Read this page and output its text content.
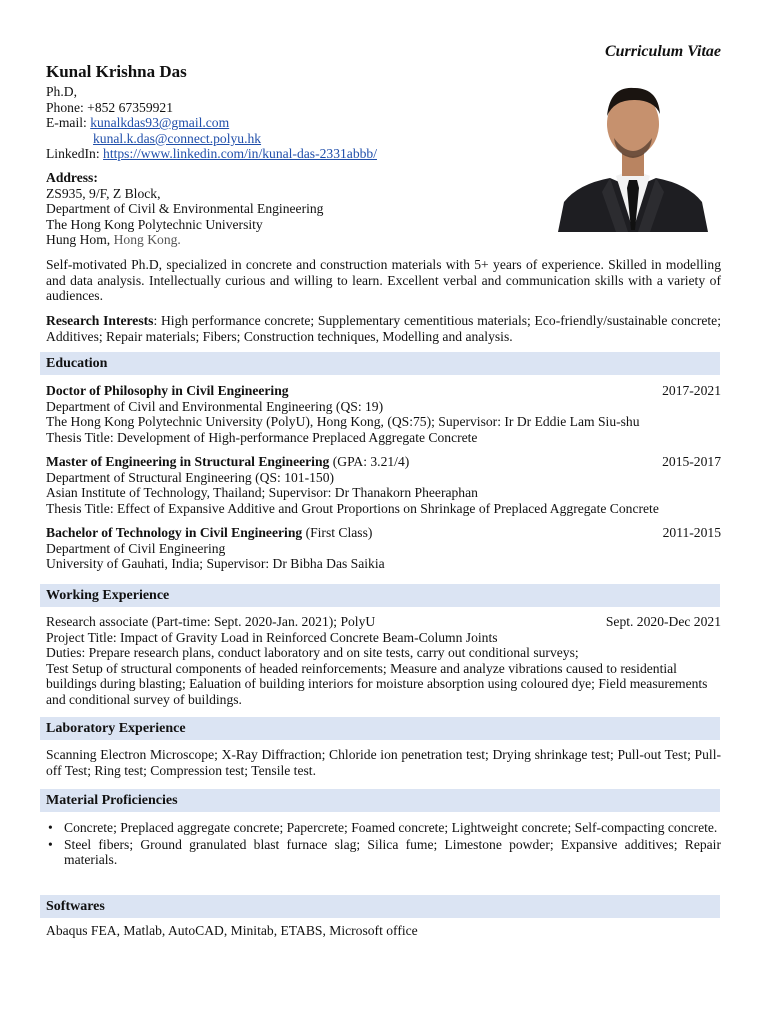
Curriculum Vitae
Kunal Krishna Das
Ph.D,
Phone: +852 67359921
E-mail: kunalkdas93@gmail.com
kunal.k.das@connect.polyu.hk
LinkedIn: https://www.linkedin.com/in/kunal-das-2331abbb/
Address:
ZS935, 9/F, Z Block,
Department of Civil & Environmental Engineering
The Hong Kong Polytechnic University
Hung Hom, Hong Kong.
Self-motivated Ph.D, specialized in concrete and construction materials with 5+ years of experience. Skilled in modelling and data analysis. Intellectually curious and willing to learn. Excellent verbal and communication skills with a variety of audiences.
Research Interests: High performance concrete; Supplementary cementitious materials; Eco-friendly/sustainable concrete; Additives; Repair materials; Fibers; Construction techniques, Modelling and analysis.
Education
Doctor of Philosophy in Civil Engineering	2017-2021
Department of Civil and Environmental Engineering (QS: 19)
The Hong Kong Polytechnic University (PolyU), Hong Kong, (QS:75); Supervisor: Ir Dr Eddie Lam Siu-shu
Thesis Title: Development of High-performance Preplaced Aggregate Concrete
Master of Engineering in Structural Engineering (GPA: 3.21/4)	2015-2017
Department of Structural Engineering (QS: 101-150)
Asian Institute of Technology, Thailand; Supervisor: Dr Thanakorn Pheeraphan
Thesis Title: Effect of Expansive Additive and Grout Proportions on Shrinkage of Preplaced Aggregate Concrete
Bachelor of Technology in Civil Engineering (First Class)	2011-2015
Department of Civil Engineering
University of Gauhati, India; Supervisor: Dr Bibha Das Saikia
Working Experience
Research associate (Part-time: Sept. 2020-Jan. 2021); PolyU	Sept. 2020-Dec 2021
Project Title: Impact of Gravity Load in Reinforced Concrete Beam-Column Joints
Duties: Prepare research plans, conduct laboratory and on site tests, carry out conditional surveys;
Test Setup of structural components of headed reinforcements; Measure and analyze vibrations caused to residential buildings during blasting; Ealuation of building interiors for moisture absorption using coloured dye; Field measurements and conditional survey of buildings.
Laboratory Experience
Scanning Electron Microscope; X-Ray Diffraction; Chloride ion penetration test; Drying shrinkage test; Pull-out Test; Pull-off Test; Ring test; Compression test; Tensile test.
Material Proficiencies
• Concrete; Preplaced aggregate concrete; Papercrete; Foamed concrete; Lightweight concrete; Self-compacting concrete.
• Steel fibers; Ground granulated blast furnace slag; Silica fume; Limestone powder; Expansive additives; Repair materials.
Softwares
Abaqus FEA, Matlab, AutoCAD, Minitab, ETABS, Microsoft office
